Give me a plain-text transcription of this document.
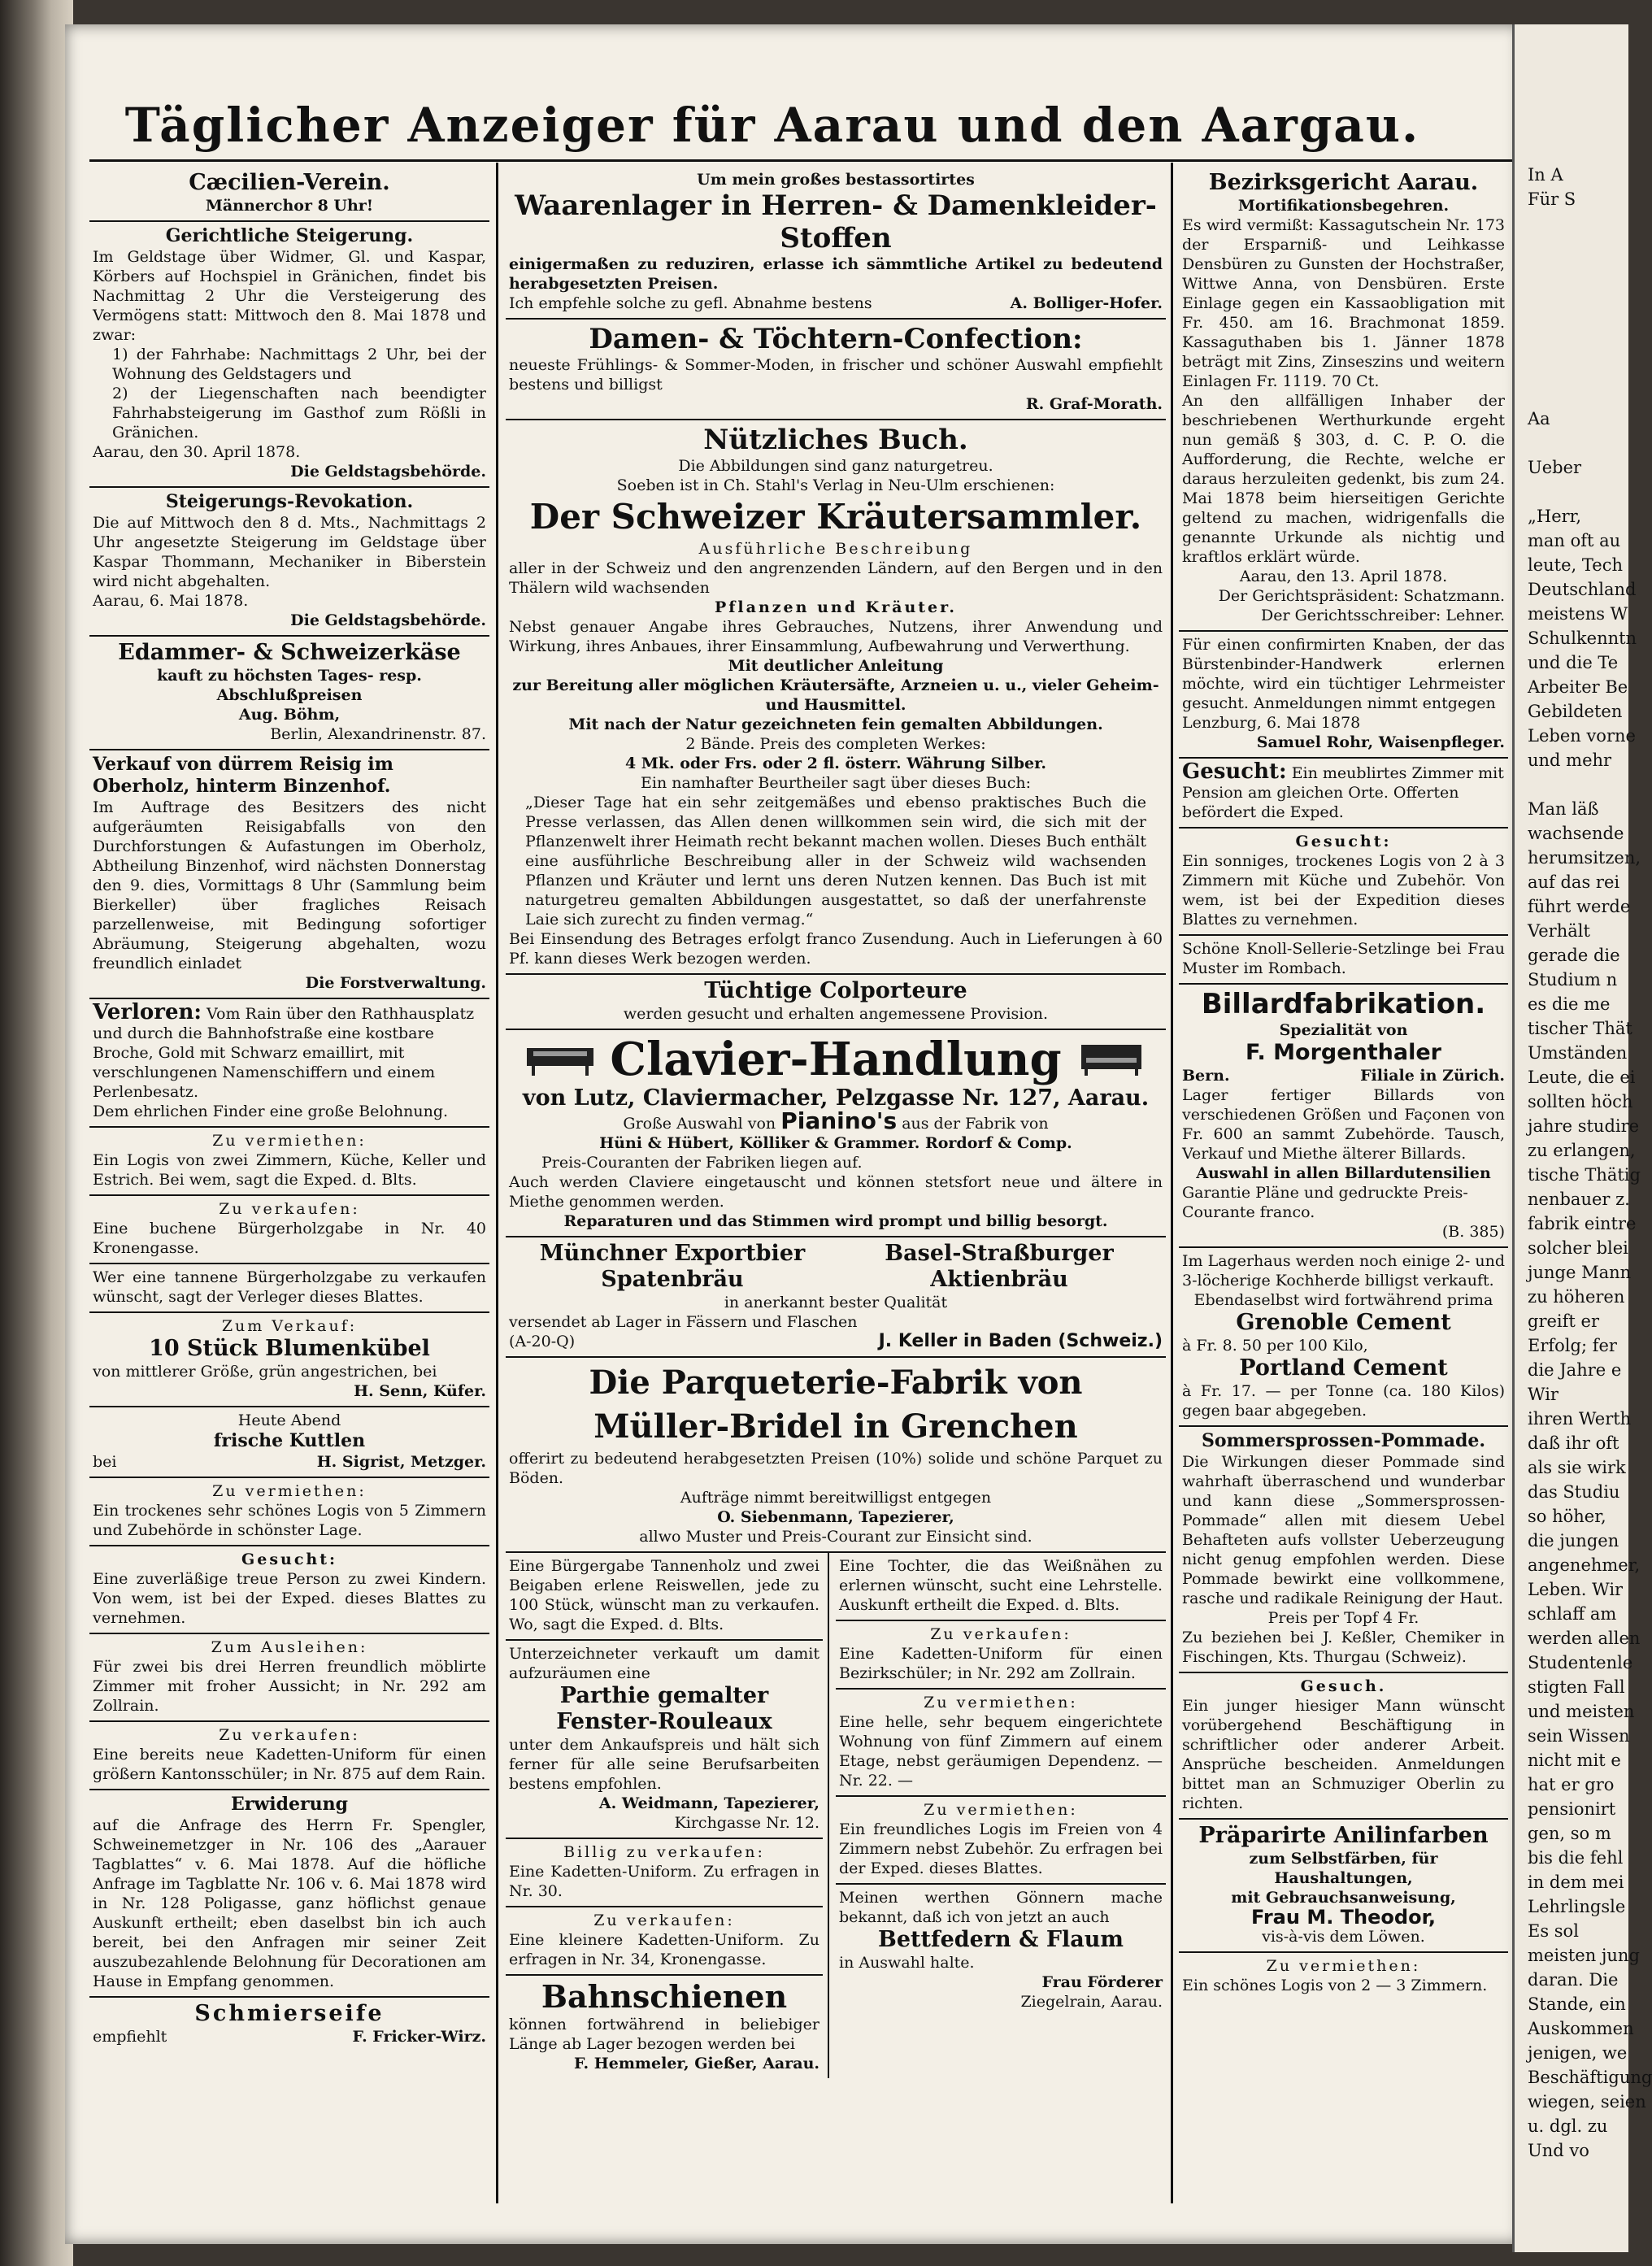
In A
Für S

Aa

Ueber

„Herr,
man oft au
leute, Tech
Deutschland
meistens W
Schulkenntn
und die Te
Arbeiter Be
Gebildeten
Leben vorne
und mehr

Man läß
wachsende
herumsitzen,
auf das rei
führt werde
Verhält
gerade die
Studium n
es die me
tischer Thät
Umständen
Leute, die ei
sollten höch
jahre studire
zu erlangen,
tische Thätig
nenbauer z.
fabrik eintre
solcher blei
junge Mann
zu höheren
greift er
Erfolg; fer
die Jahre e
Wir
ihren Werth
daß ihr oft
als sie wirk
das Studiu
so höher,
die jungen
angenehmer,
Leben. Wir
schlaff am
werden allen
Studentenle
stigten Fall
und meisten
sein Wissen
nicht mit e
hat er gro
pensionirt
gen, so m
bis die fehl
in dem mei
Lehrlingsle
Es sol
meisten jung
daran. Die
Stande, ein
Auskommen
jenigen, we
Beschäftigung
wiegen, seien
u. dgl. zu
Und vo
Täglicher Anzeiger für Aarau und den Aargau.
Cæcilien-Verein.
Männerchor 8 Uhr!
Gerichtliche Steigerung.

Im Geldstage über Widmer, Gl. und Kaspar, Körbers auf Hochspiel in Gränichen, findet bis Nachmittag 2 Uhr die Versteigerung des Vermögens statt: Mittwoch den 8. Mai 1878 und zwar:

1) der Fahrhabe: Nachmittags 2 Uhr, bei der Wohnung des Geldstagers und

2) der Liegenschaften nach beendigter Fahrhabsteigerung im Gasthof zum Rößli in Gränichen.

Aarau, den 30. April 1878.
Die Geldstagsbehörde.
Steigerungs-Revokation.

Die auf Mittwoch den 8 d. Mts., Nachmittags 2 Uhr angesetzte Steigerung im Geldstage über Kaspar Thommann, Mechaniker in Biberstein wird nicht abgehalten.

Aarau, 6. Mai 1878.
Die Geldstagsbehörde.
Edammer- & Schweizerkäse
kauft zu höchsten Tages- resp. Abschlußpreisen
Aug. Böhm,
Berlin, Alexandrinenstr. 87.
Verkauf von dürrem Reisig im Oberholz, hinterm Binzenhof.

Im Auftrage des Besitzers des nicht aufgeräumten Reisigabfalls von den Durchforstungen & Aufastungen im Oberholz, Abtheilung Binzenhof, wird nächsten Donnerstag den 9. dies, Vormittags 8 Uhr (Sammlung beim Bierkeller) über fragliches Reisach parzellenweise, mit Bedingung sofortiger Abräumung, Steigerung abgehalten, wozu freundlich einladet

Die Forstverwaltung.
Verloren: Vom Rain über den Rathhausplatz und durch die Bahnhofstraße eine kostbare Broche, Gold mit Schwarz emaillirt, mit verschlungenen Namenschiffern und einem Perlenbesatz.

Dem ehrlichen Finder eine große Belohnung.

Zu vermiethen:

Ein Logis von zwei Zimmern, Küche, Keller und Estrich. Bei wem, sagt die Exped. d. Blts.

Zu verkaufen:

Eine buchene Bürgerholzgabe in Nr. 40 Kronengasse.

Wer eine tannene Bürgerholzgabe zu verkaufen wünscht, sagt der Verleger dieses Blattes.

Zum Verkauf:
10 Stück Blumenkübel

von mittlerer Größe, grün angestrichen, bei

H. Senn, Küfer.
Heute Abend
frische Kuttlen
bei	H. Sigrist, Metzger.
Zu vermiethen:

Ein trockenes sehr schönes Logis von 5 Zimmern und Zubehörde in schönster Lage.

Gesucht:

Eine zuverläßige treue Person zu zwei Kindern. Von wem, ist bei der Exped. dieses Blattes zu vernehmen.

Zum Ausleihen:

Für zwei bis drei Herren freundlich möblirte Zimmer mit froher Aussicht; in Nr. 292 am Zollrain.

Zu verkaufen:

Eine bereits neue Kadetten-Uniform für einen größern Kantonsschüler; in Nr. 875 auf dem Rain.

Erwiderung

auf die Anfrage des Herrn Fr. Spengler, Schweinemetzger in Nr. 106 des „Aarauer Tagblattes“ v. 6. Mai 1878. Auf die höfliche Anfrage im Tagblatte Nr. 106 v. 6. Mai 1878 wird in Nr. 128 Poligasse, ganz höflichst genaue Auskunft ertheilt; eben daselbst bin ich auch bereit, bei den Anfragen mir seiner Zeit auszubezahlende Belohnung für Decorationen am Hause in Empfang genommen.

Schmierseife
empfiehlt	F. Fricker-Wirz.
Um mein großes bestassortirtes
Waarenlager in Herren- & Damenkleider-Stoffen

einigermaßen zu reduziren, erlasse ich sämmtliche Artikel zu bedeutend herabgesetzten Preisen.

Ich empfehle solche zu gefl. Abnahme bestens	A. Bolliger-Hofer.
Damen- & Töchtern-Confection:

neueste Frühlings- & Sommer-Moden, in frischer und schöner Auswahl empfiehlt bestens und billigst

R. Graf-Morath.
Nützliches Buch.
Die Abbildungen sind ganz naturgetreu.
Soeben ist in Ch. Stahl's Verlag in Neu-Ulm erschienen:
Der Schweizer Kräutersammler.
Ausführliche Beschreibung

aller in der Schweiz und den angrenzenden Ländern, auf den Bergen und in den Thälern wild wachsenden

Pflanzen und Kräuter.

Nebst genauer Angabe ihres Gebrauches, Nutzens, ihrer Anwendung und Wirkung, ihres Anbaues, ihrer Einsammlung, Aufbewahrung und Verwerthung.

Mit deutlicher Anleitung
zur Bereitung aller möglichen Kräutersäfte, Arzneien u. u., vieler Geheim- und Hausmittel.
Mit nach der Natur gezeichneten fein gemalten Abbildungen.
2 Bände. Preis des completen Werkes:
4 Mk. oder Frs. oder 2 fl. österr. Währung Silber.
Ein namhafter Beurtheiler sagt über dieses Buch:

„Dieser Tage hat ein sehr zeitgemäßes und ebenso praktisches Buch die Presse verlassen, das Allen denen willkommen sein wird, die sich mit der Pflanzenwelt ihrer Heimath recht bekannt machen wollen. Dieses Buch enthält eine ausführliche Beschreibung aller in der Schweiz wild wachsenden Pflanzen und Kräuter und lernt uns deren Nutzen kennen. Das Buch ist mit naturgetreu gemalten Abbildungen ausgestattet, so daß der unerfahrenste Laie sich zurecht zu finden vermag.“

Bei Einsendung des Betrages erfolgt franco Zusendung. Auch in Lieferungen à 60 Pf. kann dieses Werk bezogen werden.

Tüchtige Colporteure
werden gesucht und erhalten angemessene Provision.
Clavier-Handlung
von Lutz, Claviermacher, Pelzgasse Nr. 127, Aarau.
Große Auswahl von Pianino's aus der Fabrik von
Hüni & Hübert, Kölliker & Grammer. Rordorf & Comp.
Preis-Couranten der Fabriken liegen auf.

Auch werden Claviere eingetauscht und können stetsfort neue und ältere in Miethe genommen werden.

Reparaturen und das Stimmen wird prompt und billig besorgt.
Münchner Exportbier
Spatenbräu
Basel-Straßburger
Aktienbräu
in anerkannt bester Qualität
versendet ab Lager in Fässern und Flaschen
(A-20-Q)	J. Keller in Baden (Schweiz.)
Die Parqueterie-Fabrik von
Müller-Bridel in Grenchen

offerirt zu bedeutend herabgesetzten Preisen (10%) solide und schöne Parquet zu Böden.

Aufträge nimmt bereitwilligst entgegen
O. Siebenmann, Tapezierer,
allwo Muster und Preis-Courant zur Einsicht sind.

Eine Bürgergabe Tannenholz und zwei Beigaben erlene Reiswellen, jede zu 100 Stück, wünscht man zu verkaufen. Wo, sagt die Exped. d. Blts.

Unterzeichneter verkauft um damit aufzuräumen eine

Parthie gemalter
Fenster-Rouleaux

unter dem Ankaufspreis und hält sich ferner für alle seine Berufsarbeiten bestens empfohlen.

A. Weidmann, Tapezierer,
Kirchgasse Nr. 12.
Billig zu verkaufen:

Eine Kadetten-Uniform. Zu erfragen in Nr. 30.

Zu verkaufen:

Eine kleinere Kadetten-Uniform. Zu erfragen in Nr. 34, Kronengasse.

Bahnschienen

können fortwährend in beliebiger Länge ab Lager bezogen werden bei

F. Hemmeler, Gießer, Aarau.

Eine Tochter, die das Weißnähen zu erlernen wünscht, sucht eine Lehrstelle. Auskunft ertheilt die Exped. d. Blts.

Zu verkaufen:

Eine Kadetten-Uniform für einen Bezirkschüler; in Nr. 292 am Zollrain.

Zu vermiethen:

Eine helle, sehr bequem eingerichtete Wohnung von fünf Zimmern auf einem Etage, nebst geräumigen Dependenz. — Nr. 22. —

Zu vermiethen:

Ein freundliches Logis im Freien von 4 Zimmern nebst Zubehör. Zu erfragen bei der Exped. dieses Blattes.

Meinen werthen Gönnern mache bekannt, daß ich von jetzt an auch

Bettfedern & Flaum
in Auswahl halte.
Frau Förderer
Ziegelrain, Aarau.
Bezirksgericht Aarau.
Mortifikationsbegehren.

Es wird vermißt: Kassagutschein Nr. 173 der Ersparniß- und Leihkasse Densbüren zu Gunsten der Hochstraßer, Wittwe Anna, von Densbüren. Erste Einlage gegen ein Kassaobligation mit Fr. 450. am 16. Brachmonat 1859. Kassaguthaben bis 1. Jänner 1878 beträgt mit Zins, Zinseszins und weitern Einlagen Fr. 1119. 70 Ct.

An den allfälligen Inhaber der beschriebenen Werthurkunde ergeht nun gemäß § 303, d. C. P. O. die Aufforderung, die Rechte, welche er daraus herzuleiten gedenkt, bis zum 24. Mai 1878 beim hierseitigen Gerichte geltend zu machen, widrigenfalls die genannte Urkunde als nichtig und kraftlos erklärt würde.

Aarau, den 13. April 1878.
Der Gerichtspräsident: Schatzmann.
Der Gerichtsschreiber: Lehner.

Für einen confirmirten Knaben, der das Bürstenbinder-Handwerk erlernen möchte, wird ein tüchtiger Lehrmeister gesucht. Anmeldungen nimmt entgegen

Lenzburg, 6. Mai 1878
Samuel Rohr, Waisenpfleger.
Gesucht: Ein meublirtes Zimmer mit Pension am gleichen Orte. Offerten befördert die Exped.
Gesucht:

Ein sonniges, trockenes Logis von 2 à 3 Zimmern mit Küche und Zubehör. Von wem, ist bei der Expedition dieses Blattes zu vernehmen.

Schöne Knoll-Sellerie-Setzlinge bei Frau Muster im Rombach.

Billardfabrikation.
Spezialität von
F. Morgenthaler
Bern.	Filiale in Zürich.

Lager fertiger Billards von verschiedenen Größen und Façonen von Fr. 600 an sammt Zubehörde. Tausch, Verkauf und Miethe älterer Billards.

Auswahl in allen Billardutensilien
Garantie Pläne und gedruckte Preis-Courante franco.
(B. 385)

Im Lagerhaus werden noch einige 2- und 3-löcherige Kochherde billigst verkauft.

Ebendaselbst wird fortwährend prima
Grenoble Cement
à Fr. 8. 50 per 100 Kilo,
Portland Cement

à Fr. 17. — per Tonne (ca. 180 Kilos) gegen baar abgegeben.

Sommersprossen-Pommade.

Die Wirkungen dieser Pommade sind wahrhaft überraschend und wunderbar und kann diese „Sommersprossen-Pommade“ allen mit diesem Uebel Behafteten aufs vollster Ueberzeugung nicht genug empfohlen werden. Diese Pommade bewirkt eine vollkommene, rasche und radikale Reinigung der Haut.

Preis per Topf 4 Fr.

Zu beziehen bei J. Keßler, Chemiker in Fischingen, Kts. Thurgau (Schweiz).

Gesuch.

Ein junger hiesiger Mann wünscht vorübergehend Beschäftigung in schriftlicher oder anderer Arbeit. Ansprüche bescheiden. Anmeldungen bittet man an Schmuziger Oberlin zu richten.

Präparirte Anilinfarben
zum Selbstfärben, für Haushaltungen,
mit Gebrauchsanweisung,
Frau M. Theodor,
vis-à-vis dem Löwen.
Zu vermiethen:

Ein schönes Logis von 2 — 3 Zimmern.
